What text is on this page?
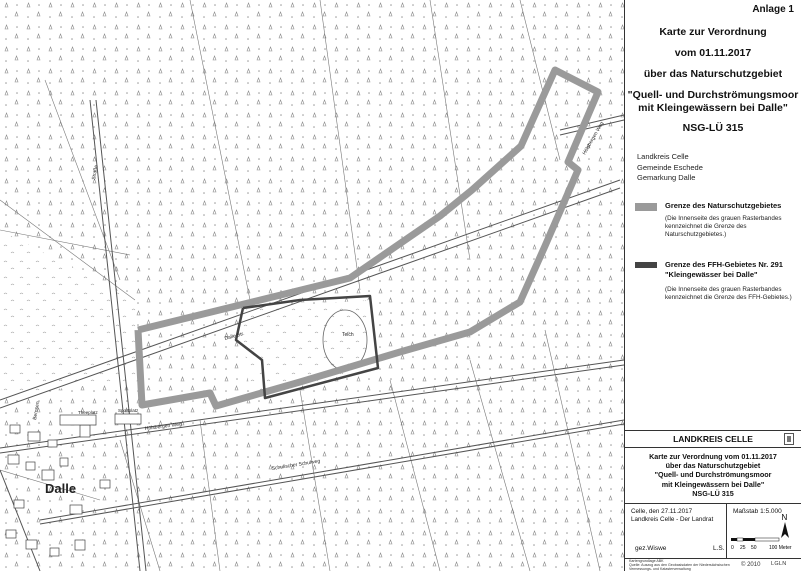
Teich
Dalle Str.
Hölsbergen Weg
Schulischer Schulweg
Hölsbergen Weg
Straße
Bernsen	Theeplatz	Sportplatz
Dalle
Anlage 1
Karte zur Verordnung
vom 01.11.2017
über das Naturschutzgebiet
"Quell- und Durchströmungsmoor
mit Kleingewässern bei Dalle"
NSG-LÜ 315
Landkreis Celle
Gemeinde Eschede
Gemarkung Dalle
Grenze des Naturschutzgebietes
(Die Innenseite des grauen Rasterbandes kennzeichnet die Grenze des Naturschutzgebietes.)
Grenze des FFH-Gebietes Nr. 291
"Kleingewässer bei Dalle"
(Die Innenseite des grauen Rasterbandes kennzeichnet die Grenze des FFH-Gebietes.)
LANDKREIS CELLE
Karte zur Verordnung vom 01.11.2017
über das Naturschutzgebiet
"Quell- und Durchströmungsmoor
mit Kleingewässern bei Dalle"
NSG-LÜ 315
Celle, den 27.11.2017
Landkreis Celle - Der Landrat
gez.Wiswe	L.S.
Maßstab 1:5.000
N
0 25 50 100 Meter
Kartengrundlage ABK
Quelle: Auszug aus den Geobasisdaten der Niedersächsischen
Vermessungs- und Katasterverwaltung
© 2010 LGLN
